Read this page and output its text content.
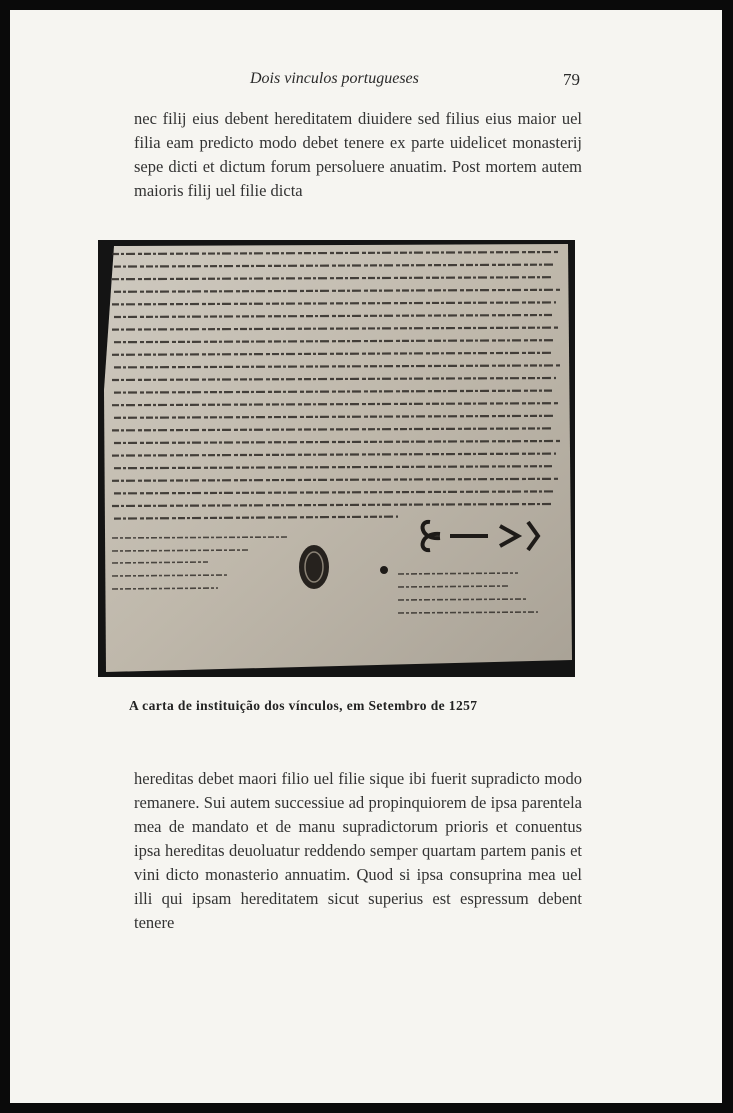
Dois vinculos portugueses	79

nec filij eius debent hereditatem diuidere sed filius eius maior uel filia eam predicto modo debet tenere ex parte uidelicet monasterij sepe dicti et dictum forum persoluere anuatim. Post mortem autem maioris filij uel filie dicta

A carta de instituição dos vínculos, em Setembro de 1257

hereditas debet maori filio uel filie sique ibi fuerit supradicto modo remanere. Sui autem successiue ad propinquiorem de ipsa parentela mea de mandato et de manu supradictorum prioris et conuentus ipsa hereditas deuoluatur reddendo semper quartam partem panis et vini dicto monasterio annuatim. Quod si ipsa consuprina mea uel illi qui ipsam hereditatem sicut superius est espressum debent tenere
